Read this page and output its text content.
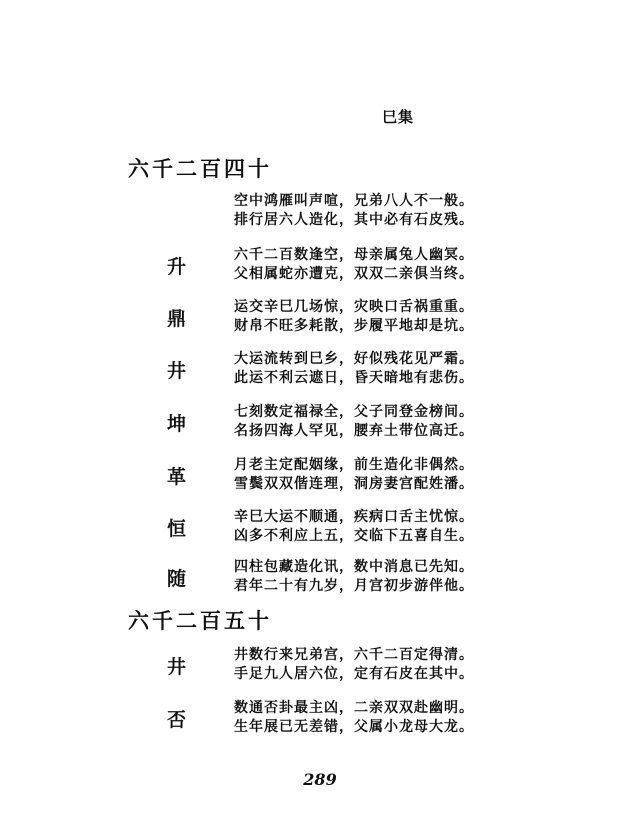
巳集
六千二百四十
空中鸿雁叫声喧，兄弟八人不一般。
排行居六人造化，其中必有石皮残。
升
六千二百数逢空，母亲属兔人幽冥。
父相属蛇亦遭克，双双二亲俱当终。
鼎
运交辛巳几场惊，灾映口舌祸重重。
财帛不旺多耗散，步履平地却是坑。
井
大运流转到巳乡，好似残花见严霜。
此运不利云遮日，昏天暗地有悲伤。
坤
七刻数定福禄全，父子同登金榜间。
名扬四海人罕见，腰弃土带位高迁。
革
月老主定配姻缘，前生造化非偶然。
雪鬓双双偕连理，洞房妻宫配姓潘。
恒
辛巳大运不顺通，疾病口舌主忧惊。
凶多不利应上五，交临下五喜自生。
随
四柱包藏造化讯，数中消息已先知。
君年二十有九岁，月宫初步游伴他。
六千二百五十
井
井数行来兄弟宫，六千二百定得清。
手足九人居六位，定有石皮在其中。
否
数通否卦最主凶，二亲双双赴幽明。
生年展已无差错，父属小龙母大龙。
289
